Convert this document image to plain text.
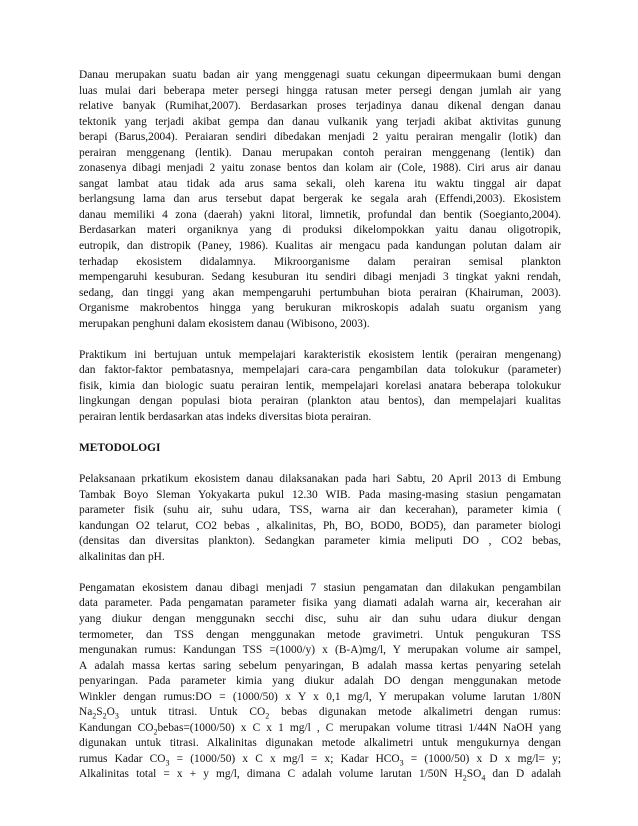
Danau merupakan suatu badan air yang menggenagi suatu cekungan dipeermukaan bumi dengan
luas mulai dari beberapa meter persegi hingga ratusan meter persegi dengan jumlah air yang
relative banyak (Rumihat,2007). Berdasarkan proses terjadinya danau dikenal dengan danau
tektonik yang terjadi akibat gempa dan danau vulkanik yang terjadi akibat aktivitas gunung
berapi (Barus,2004). Peraiaran sendiri dibedakan menjadi 2 yaitu perairan mengalir (lotik) dan
perairan menggenang (lentik). Danau merupakan contoh perairan menggenang (lentik) dan
zonasenya dibagi menjadi 2 yaitu zonase bentos dan kolam air (Cole, 1988). Ciri arus air danau
sangat lambat atau tidak ada arus sama sekali, oleh karena itu waktu tinggal air dapat
berlangsung lama dan arus tersebut dapat bergerak ke segala arah (Effendi,2003). Ekosistem
danau memiliki 4 zona (daerah) yakni litoral, limnetik, profundal dan bentik (Soegianto,2004).
Berdasarkan materi organiknya yang di produksi dikelompokkan yaitu danau oligotropik,
eutropik, dan distropik (Paney, 1986). Kualitas air mengacu pada kandungan polutan dalam air
terhadap ekosistem didalamnya. Mikroorganisme dalam perairan semisal plankton
mempengaruhi kesuburan. Sedang kesuburan itu sendiri dibagi menjadi 3 tingkat yakni rendah,
sedang, dan tinggi yang akan mempengaruhi pertumbuhan biota perairan (Khairuman, 2003).
Organisme makrobentos hingga yang berukuran mikroskopis adalah suatu organism yang
merupakan penghuni dalam ekosistem danau (Wibisono, 2003).

Praktikum ini bertujuan untuk mempelajari karakteristik ekosistem lentik (perairan mengenang)
dan faktor-faktor pembatasnya, mempelajari cara-cara pengambilan data tolokukur (parameter)
fisik, kimia dan biologic suatu perairan lentik, mempelajari korelasi anatara beberapa tolokukur
lingkungan dengan populasi biota perairan (plankton atau bentos), dan mempelajari kualitas
perairan lentik berdasarkan atas indeks diversitas biota perairan.

METODOLOGI

Pelaksanaan prkatikum ekosistem danau dilaksanakan pada hari Sabtu, 20 April 2013 di Embung
Tambak Boyo Sleman Yokyakarta pukul 12.30 WIB. Pada masing-masing stasiun pengamatan
parameter fisik (suhu air, suhu udara, TSS, warna air dan kecerahan), parameter kimia (
kandungan O2 telarut, CO2 bebas , alkalinitas, Ph, BO, BOD0, BOD5), dan parameter biologi
(densitas dan diversitas plankton). Sedangkan parameter kimia meliputi DO , CO2 bebas,
alkalinitas dan pH.

Pengamatan ekosistem danau dibagi menjadi 7 stasiun pengamatan dan dilakukan pengambilan
data parameter. Pada pengamatan parameter fisika yang diamati adalah warna air, kecerahan air
yang diukur dengan menggunakn secchi disc, suhu air dan suhu udara diukur dengan
termometer, dan TSS dengan menggunakan metode gravimetri. Untuk pengukuran TSS
mengunakan rumus: Kandungan TSS =(1000/y) x (B-A)mg/l, Y merupakan volume air sampel,
A adalah massa kertas saring sebelum penyaringan, B adalah massa kertas penyaring setelah
penyaringan. Pada parameter kimia yang diukur adalah DO dengan menggunakan metode
Winkler dengan rumus:DO = (1000/50) x Y x 0,1 mg/l, Y merupakan volume larutan 1/80N
$Na_2S_2O_3$ untuk titrasi. Untuk $CO_2$ bebas digunakan metode alkalimetri dengan rumus:
Kandungan $CO_2bebas=(1000/50)$ x C x 1 mg/l , C merupakan volume titrasi 1/44N NaOH yang
digunakan untuk titrasi. Alkalinitas digunakan metode alkalimetri untuk mengukurnya dengan
rumus Kadar $CO_3 = (1000/50)$ x C x mg/l = x; Kadar $HCO_3 = (1000/50)$ x D x mg/l= y;
Alkalinitas total = x + y mg/l, dimana C adalah volume larutan 1/50N $H_2SO_4$ dan D adalah
